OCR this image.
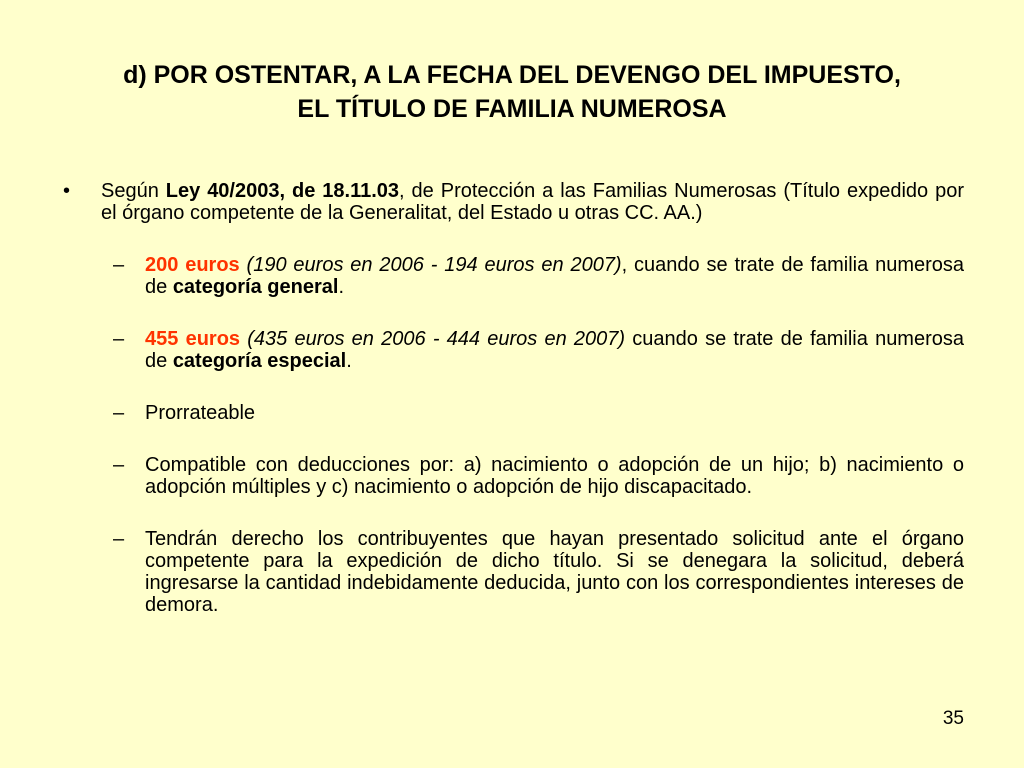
d) POR OSTENTAR, A LA FECHA DEL DEVENGO DEL IMPUESTO,
EL TÍTULO DE FAMILIA NUMEROSA
• Según Ley 40/2003, de 18.11.03, de Protección a las Familias Numerosas (Título expedido por el órgano competente de la Generalitat, del Estado u otras CC. AA.)
– 200 euros (190 euros en 2006 - 194 euros en 2007), cuando se trate de familia numerosa de categoría general.
– 455 euros (435 euros en 2006 - 444 euros en 2007) cuando se trate de familia numerosa de categoría especial.
– Prorrateable
– Compatible con deducciones por: a) nacimiento o adopción de un hijo; b) nacimiento o adopción múltiples y c) nacimiento o adopción de hijo discapacitado.
– Tendrán derecho los contribuyentes que hayan presentado solicitud ante el órgano competente para la expedición de dicho título. Si se denegara la solicitud, deberá ingresarse la cantidad indebidamente deducida, junto con los correspondientes intereses de demora.
35
